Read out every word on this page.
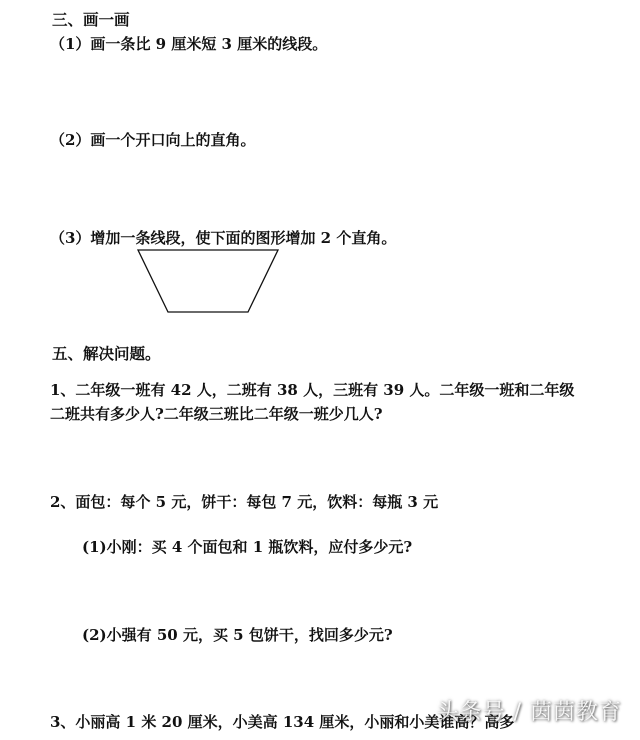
三、画一画
（1）画一条比 9 厘米短 3 厘米的线段。
（2）画一个开口向上的直角。
（3）增加一条线段，使下面的图形增加 2 个直角。
五、解决问题。
1、二年级一班有 42 人，二班有 38 人，三班有 39 人。二年级一班和二年级
二班共有多少人?二年级三班比二年级一班少几人?
2、面包：每个 5 元，饼干：每包 7 元，饮料：每瓶 3 元
(1)小刚：买 4 个面包和 1 瓶饮料，应付多少元?
(2)小强有 50 元，买 5 包饼干，找回多少元?
3、小丽高 1 米 20 厘米，小美高 134 厘米，小丽和小美谁高？高多
头条号 / 茵茵教育
